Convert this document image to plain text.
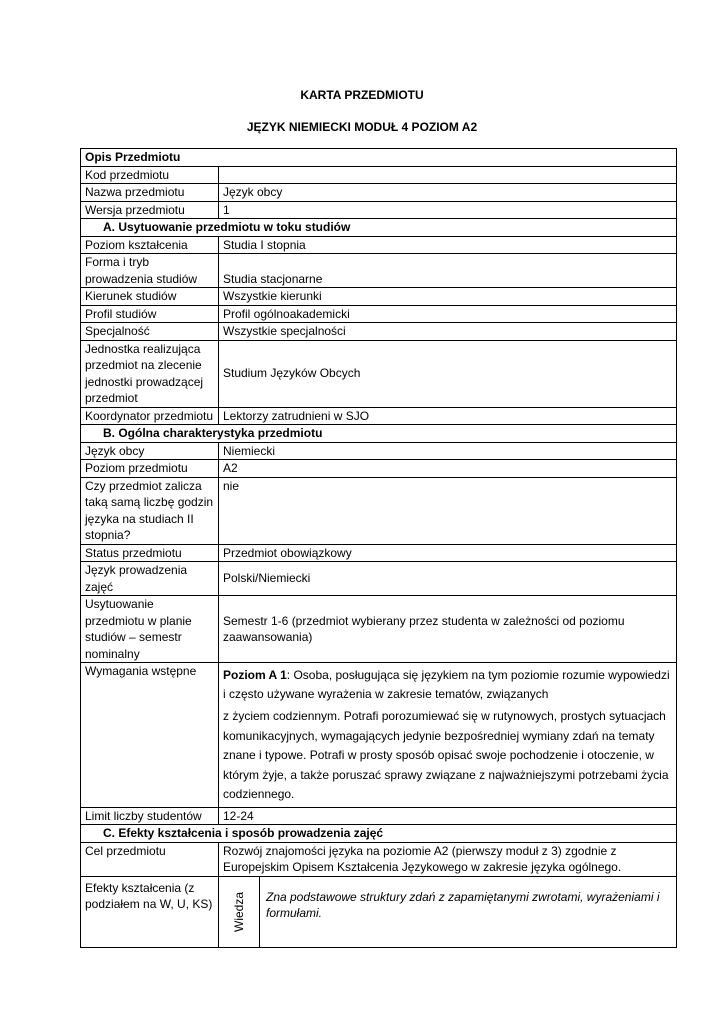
KARTA PRZEDMIOTU
JĘZYK NIEMIECKI MODUŁ 4 POZIOM A2
Opis Przedmiotu	
Kod przedmiotu	
Nazwa przedmiotu	Język obcy
Wersja przedmiotu	1
A. Usytuowanie przedmiotu w toku studiów	
Poziom kształcenia	Studia I stopnia
Forma i tryb prowadzenia studiów	Studia stacjonarne
Kierunek studiów	Wszystkie kierunki
Profil studiów	Profil ogólnoakademicki
Specjalność	Wszystkie specjalności
Jednostka realizująca przedmiot na zlecenie jednostki prowadzącej przedmiot	Studium Języków Obcych
Koordynator przedmiotu	Lektorzy zatrudnieni w SJO
B. Ogólna charakterystyka przedmiotu	
Język obcy	Niemiecki
Poziom przedmiotu	A2
Czy przedmiot zalicza taką samą liczbę godzin języka na studiach II stopnia?	nie
Status przedmiotu	Przedmiot obowiązkowy
Język prowadzenia zajęć	Polski/Niemiecki
Usytuowanie przedmiotu w planie studiów – semestr nominalny	Semestr 1-6 (przedmiot wybierany przez studenta w zależności od poziomu zaawansowania)
Wymagania wstępne	Poziom A 1: Osoba, posługująca się językiem na tym poziomie rozumie wypowiedzi i często używane wyrażenia w zakresie tematów, związanych
z życiem codziennym. Potrafi porozumiewać się w rutynowych, prostych sytuacjach komunikacyjnych, wymagających jedynie bezpośredniej wymiany zdań na tematy znane i typowe. Potrafi w prosty sposób opisać swoje pochodzenie i otoczenie, w którym żyje, a także poruszać sprawy związane z najważniejszymi potrzebami życia codziennego.

Limit liczby studentów	12-24
C. Efekty kształcenia i sposób prowadzenia zajęć	
Cel przedmiotu	Rozwój znajomości języka na poziomie A2 (pierwszy moduł z 3) zgodnie z Europejskim Opisem Kształcenia Językowego w zakresie języka ogólnego.
Efekty kształcenia (z podziałem na W, U, KS)	Wiedza Zna podstawowe struktury zdań z zapamiętanymi zwrotami, wyrażeniami i formułami.
